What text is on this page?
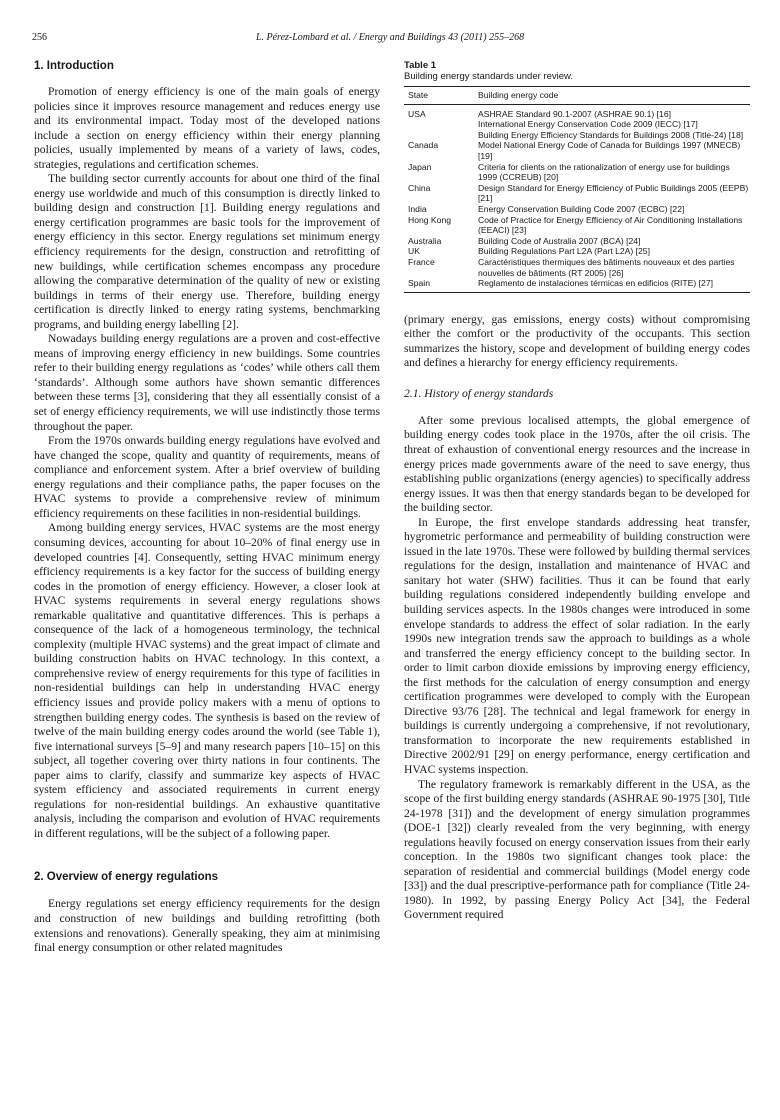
256	L. Pérez-Lombard et al. / Energy and Buildings 43 (2011) 255–268
1. Introduction

Promotion of energy efficiency is one of the main goals of energy policies since it improves resource management and reduces energy use and its environmental impact. Today most of the developed nations include a section on energy efficiency within their energy planning policies, usually implemented by means of a variety of laws, codes, strategies, regulations and certification schemes.

The building sector currently accounts for about one third of the final energy use worldwide and much of this consumption is directly linked to building design and construction [1]. Building energy regulations and energy certification programmes are basic tools for the improvement of energy efficiency in this sector. Energy regulations set minimum energy efficiency requirements for the design, construction and retrofitting of new buildings, while certification schemes encompass any procedure allowing the comparative determination of the quality of new or existing buildings in terms of their energy use. Therefore, building energy certification is directly linked to energy rating systems, benchmarking programs, and building energy labelling [2].

Nowadays building energy regulations are a proven and cost-effective means of improving energy efficiency in new buildings. Some countries refer to their building energy regulations as ‘codes’ while others call them ‘standards’. Although some authors have shown semantic differences between these terms [3], considering that they all essentially consist of a set of energy efficiency requirements, we will use indistinctly those terms throughout the paper.

From the 1970s onwards building energy regulations have evolved and have changed the scope, quality and quantity of requirements, means of compliance and enforcement system. After a brief overview of building energy regulations and their compliance paths, the paper focuses on the HVAC systems to provide a comprehensive review of minimum efficiency requirements on these facilities in non-residential buildings.

Among building energy services, HVAC systems are the most energy consuming devices, accounting for about 10–20% of final energy use in developed countries [4]. Consequently, setting HVAC minimum energy efficiency requirements is a key factor for the success of building energy codes in the promotion of energy efficiency. However, a closer look at HVAC systems requirements in several energy regulations shows remarkable qualitative and quantitative differences. This is perhaps a consequence of the lack of a homogeneous terminology, the technical complexity (multiple HVAC systems) and the great impact of climate and building construction habits on HVAC technology. In this context, a comprehensive review of energy requirements for this type of facilities in non-residential buildings can help in understanding HVAC energy efficiency issues and provide policy makers with a menu of options to strengthen building energy codes. The synthesis is based on the review of twelve of the main building energy codes around the world (see Table 1), five international surveys [5–9] and many research papers [10–15] on this subject, all together covering over thirty nations in four continents. The paper aims to clarify, classify and summarize key aspects of HVAC system efficiency and associated requirements in current energy regulations for non-residential buildings. An exhaustive quantitative analysis, including the comparison and evolution of HVAC requirements in different regulations, will be the subject of a following paper.

2. Overview of energy regulations

Energy regulations set energy efficiency requirements for the design and construction of new buildings and building retrofitting (both extensions and renovations). Generally speaking, they aim at minimising final energy consumption or other related magnitudes

Table 1
Building energy standards under review.
State	Building energy code
USA	ASHRAE Standard 90.1-2007 (ASHRAE 90.1) [16]
International Energy Conservation Code 2009 (IECC) [17]
Building Energy Efficiency Standards for Buildings 2008 (Title-24) [18]

Canada	Model National Energy Code of Canada for Buildings 1997 (MNECB) [19]

Japan	Criteria for clients on the rationalization of energy use for buildings 1999 (CCREUB) [20]

China	Design Standard for Energy Efficiency of Public Buildings 2005 (EEPB) [21]

India	Energy Conservation Building Code 2007 (ECBC) [22]

Hong Kong	Code of Practice for Energy Efficiency of Air Conditioning Installations (EEACI) [23]

Australia	Building Code of Australia 2007 (BCA) [24]

UK	Building Regulations Part L2A (Part L2A) [25]

France	Caractéristiques thermiques des bâtiments nouveaux et des parties nouvelles de bâtiments (RT 2005) [26]

Spain	Reglamento de instalaciones térmicas en edificios (RITE) [27]

(primary energy, gas emissions, energy costs) without compromising either the comfort or the productivity of the occupants. This section summarizes the history, scope and development of building energy codes and defines a hierarchy for energy efficiency requirements.

2.1. History of energy standards

After some previous localised attempts, the global emergence of building energy codes took place in the 1970s, after the oil crisis. The threat of exhaustion of conventional energy resources and the increase in energy prices made governments aware of the need to save energy, thus establishing public organizations (energy agencies) to specifically address energy issues. It was then that energy standards began to be developed for the building sector.

In Europe, the first envelope standards addressing heat transfer, hygrometric performance and permeability of building construction were issued in the late 1970s. These were followed by building thermal services regulations for the design, installation and maintenance of HVAC and sanitary hot water (SHW) facilities. Thus it can be found that early building regulations considered independently building envelope and building services aspects. In the 1980s changes were introduced in some envelope standards to address the effect of solar radiation. In the early 1990s new integration trends saw the approach to buildings as a whole and transferred the energy efficiency concept to the building sector. In order to limit carbon dioxide emissions by improving energy efficiency, the first methods for the calculation of energy consumption and energy certification programmes were developed to comply with the European Directive 93/76 [28]. The technical and legal framework for energy in buildings is currently undergoing a comprehensive, if not revolutionary, transformation to incorporate the new requirements established in Directive 2002/91 [29] on energy performance, energy certification and HVAC systems inspection.

The regulatory framework is remarkably different in the USA, as the scope of the first building energy standards (ASHRAE 90-1975 [30], Title 24-1978 [31]) and the development of energy simulation programmes (DOE-1 [32]) clearly revealed from the very beginning, with energy regulations heavily focused on energy conservation issues from their early conception. In the 1980s two significant changes took place: the separation of residential and commercial buildings (Model energy code [33]) and the dual prescriptive-performance path for compliance (Title 24-1980). In 1992, by passing Energy Policy Act [34], the Federal Government required
